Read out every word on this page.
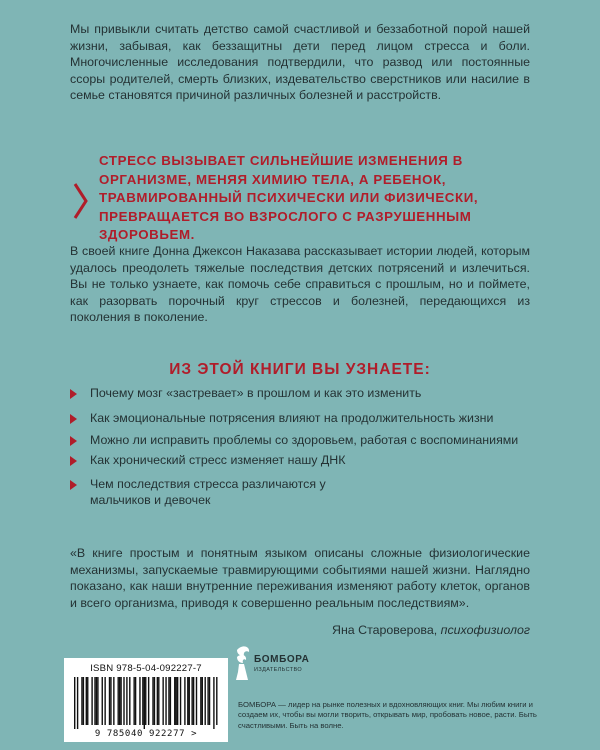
Мы привыкли считать детство самой счастливой и беззаботной порой нашей жизни, забывая, как беззащитны дети перед лицом стресса и боли. Многочисленные исследования подтвердили, что развод или постоянные ссоры родителей, смерть близких, издевательство сверстников или насилие в семье становятся причиной различных болезней и расстройств.

СТРЕСС ВЫЗЫВАЕТ СИЛЬНЕЙШИЕ ИЗМЕНЕНИЯ В ОРГАНИЗМЕ, МЕНЯЯ ХИМИЮ ТЕЛА, А РЕБЕНОК, ТРАВМИРОВАННЫЙ ПСИХИЧЕСКИ ИЛИ ФИЗИЧЕСКИ, ПРЕВРАЩАЕТСЯ ВО ВЗРОСЛОГО С РАЗРУШЕННЫМ ЗДОРОВЬЕМ.

В своей книге Донна Джексон Наказава рассказывает истории людей, которым удалось преодолеть тяжелые последствия детских потрясений и излечиться. Вы не только узнаете, как помочь себе справиться с прошлым, но и поймете, как разорвать порочный круг стрессов и болезней, передающихся из поколения в поколение.

ИЗ ЭТОЙ КНИГИ ВЫ УЗНАЕТЕ:
Почему мозг «застревает» в прошлом и как это изменить
Как эмоциональные потрясения влияют на продолжительность жизни
Можно ли исправить проблемы со здоровьем, работая с воспоминаниями
Как хронический стресс изменяет нашу ДНК
Чем последствия стресса различаются у мальчиков и девочек

«В книге простым и понятным языком описаны сложные физиологические механизмы, запускаемые травмирующими событиями нашей жизни. Наглядно показано, как наши внутренние переживания изменяют работу клеток, органов и всего организма, приводя к совершенно реальным последствиям».

Яна Староверова, психофизиолог

ISBN 978-5-04-092227-7
9 785040 922277 >
БОМБОРА
ИЗДАТЕЛЬСТВО

БОМБОРА — лидер на рынке полезных и вдохновляющих книг. Мы любим книги и создаем их, чтобы вы могли творить, открывать мир, пробовать новое, расти. Быть счастливыми. Быть на волне.
